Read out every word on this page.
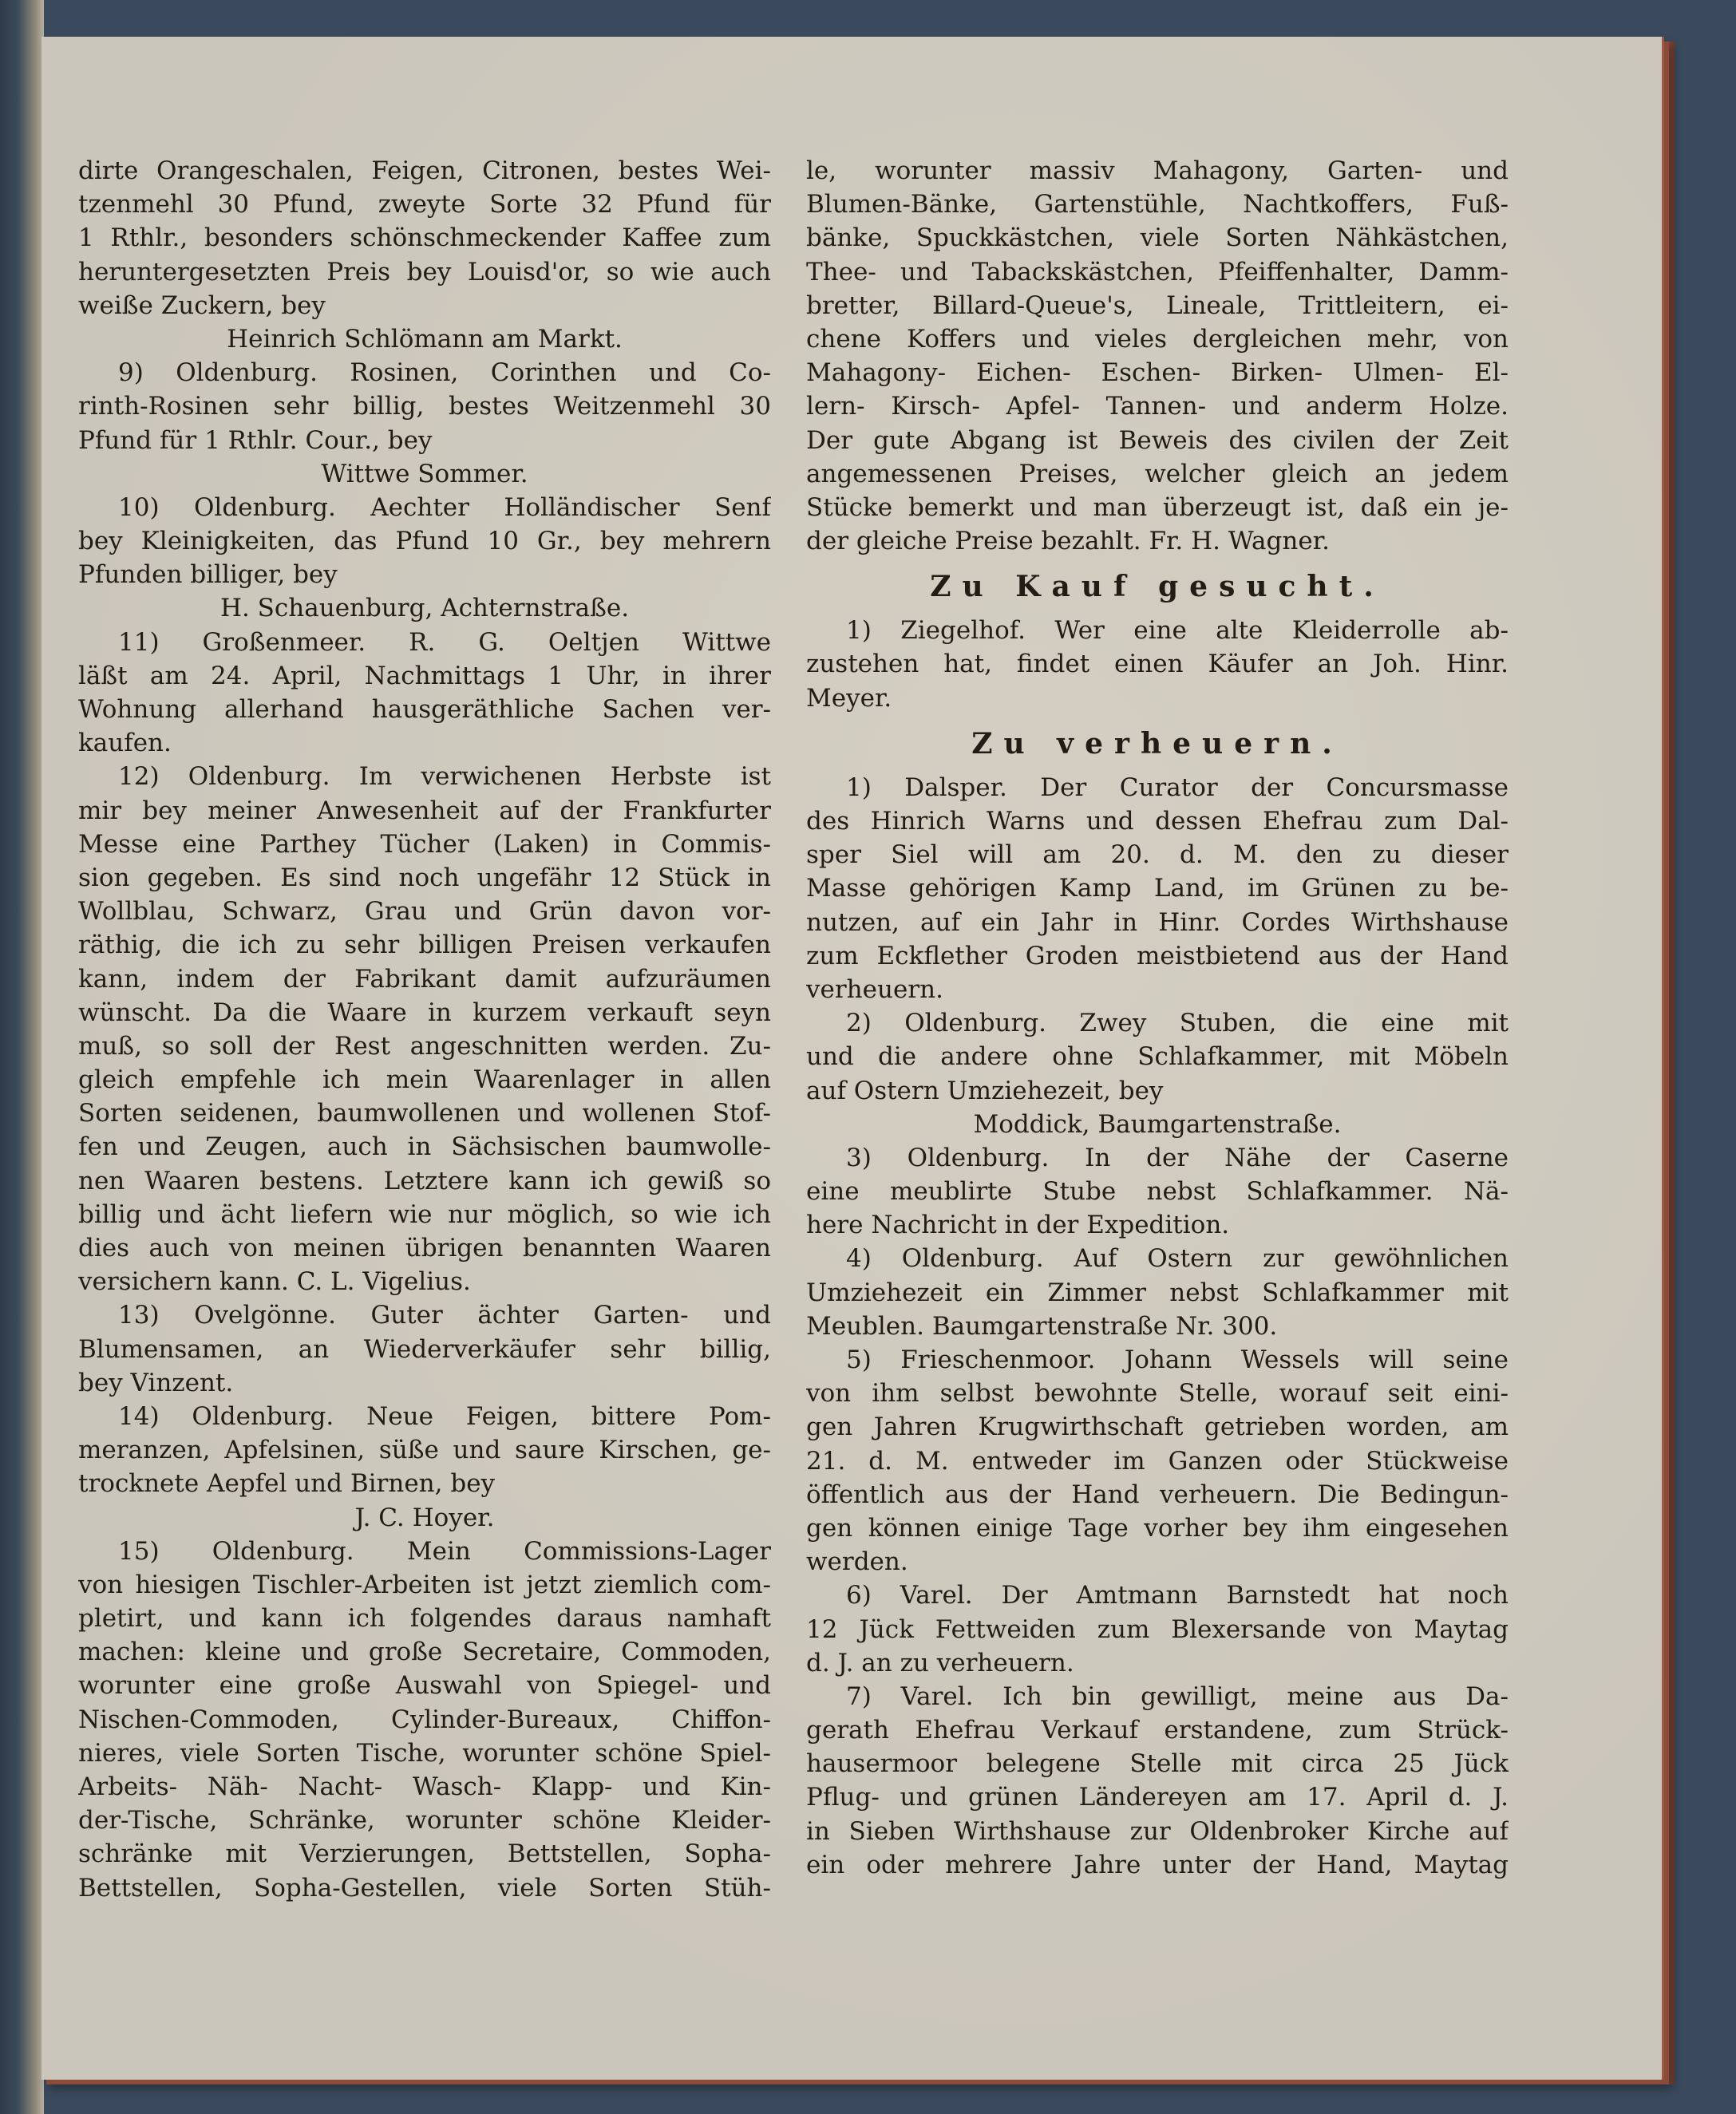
dirte Orangeschalen, Feigen, Citronen, bestes Wei-
tzenmehl 30 Pfund, zweyte Sorte 32 Pfund für
1 Rthlr., besonders schönschmeckender Kaffee zum
heruntergesetzten Preis bey Louisd'or, so wie auch
weiße Zuckern, bey
Heinrich Schlömann am Markt.
9) Oldenburg. Rosinen, Corinthen und Co-
rinth-Rosinen sehr billig, bestes Weitzenmehl 30
Pfund für 1 Rthlr. Cour., bey
Wittwe Sommer.
10) Oldenburg. Aechter Holländischer Senf
bey Kleinigkeiten, das Pfund 10 Gr., bey mehrern
Pfunden billiger, bey
H. Schauenburg, Achternstraße.
11) Großenmeer. R. G. Oeltjen Wittwe
läßt am 24. April, Nachmittags 1 Uhr, in ihrer
Wohnung allerhand hausgeräthliche Sachen ver-
kaufen.
12) Oldenburg. Im verwichenen Herbste ist
mir bey meiner Anwesenheit auf der Frankfurter
Messe eine Parthey Tücher (Laken) in Commis-
sion gegeben. Es sind noch ungefähr 12 Stück in
Wollblau, Schwarz, Grau und Grün davon vor-
räthig, die ich zu sehr billigen Preisen verkaufen
kann, indem der Fabrikant damit aufzuräumen
wünscht. Da die Waare in kurzem verkauft seyn
muß, so soll der Rest angeschnitten werden. Zu-
gleich empfehle ich mein Waarenlager in allen
Sorten seidenen, baumwollenen und wollenen Stof-
fen und Zeugen, auch in Sächsischen baumwolle-
nen Waaren bestens. Letztere kann ich gewiß so
billig und ächt liefern wie nur möglich, so wie ich
dies auch von meinen übrigen benannten Waaren
versichern kann. C. L. Vigelius.
13) Ovelgönne. Guter ächter Garten- und
Blumensamen, an Wiederverkäufer sehr billig,
bey Vinzent.
14) Oldenburg. Neue Feigen, bittere Pom-
meranzen, Apfelsinen, süße und saure Kirschen, ge-
trocknete Aepfel und Birnen, bey
J. C. Hoyer.
15) Oldenburg. Mein Commissions-Lager
von hiesigen Tischler-Arbeiten ist jetzt ziemlich com-
pletirt, und kann ich folgendes daraus namhaft
machen: kleine und große Secretaire, Commoden,
worunter eine große Auswahl von Spiegel- und
Nischen-Commoden, Cylinder-Bureaux, Chiffon-
nieres, viele Sorten Tische, worunter schöne Spiel-
Arbeits- Näh- Nacht- Wasch- Klapp- und Kin-
der-Tische, Schränke, worunter schöne Kleider-
schränke mit Verzierungen, Bettstellen, Sopha-
Bettstellen, Sopha-Gestellen, viele Sorten Stüh-
le, worunter massiv Mahagony, Garten- und
Blumen-Bänke, Gartenstühle, Nachtkoffers, Fuß-
bänke, Spuckkästchen, viele Sorten Nähkästchen,
Thee- und Tabackskästchen, Pfeiffenhalter, Damm-
bretter, Billard-Queue's, Lineale, Trittleitern, ei-
chene Koffers und vieles dergleichen mehr, von
Mahagony- Eichen- Eschen- Birken- Ulmen- El-
lern- Kirsch- Apfel- Tannen- und anderm Holze.
Der gute Abgang ist Beweis des civilen der Zeit
angemessenen Preises, welcher gleich an jedem
Stücke bemerkt und man überzeugt ist, daß ein je-
der gleiche Preise bezahlt. Fr. H. Wagner.
Zu Kauf gesucht.
1) Ziegelhof. Wer eine alte Kleiderrolle ab-
zustehen hat, findet einen Käufer an Joh. Hinr.
Meyer.
Zu verheuern.
1) Dalsper. Der Curator der Concursmasse
des Hinrich Warns und dessen Ehefrau zum Dal-
sper Siel will am 20. d. M. den zu dieser
Masse gehörigen Kamp Land, im Grünen zu be-
nutzen, auf ein Jahr in Hinr. Cordes Wirthshause
zum Eckflether Groden meistbietend aus der Hand
verheuern.
2) Oldenburg. Zwey Stuben, die eine mit
und die andere ohne Schlafkammer, mit Möbeln
auf Ostern Umziehezeit, bey
Moddick, Baumgartenstraße.
3) Oldenburg. In der Nähe der Caserne
eine meublirte Stube nebst Schlafkammer. Nä-
here Nachricht in der Expedition.
4) Oldenburg. Auf Ostern zur gewöhnlichen
Umziehezeit ein Zimmer nebst Schlafkammer mit
Meublen. Baumgartenstraße Nr. 300.
5) Frieschenmoor. Johann Wessels will seine
von ihm selbst bewohnte Stelle, worauf seit eini-
gen Jahren Krugwirthschaft getrieben worden, am
21. d. M. entweder im Ganzen oder Stückweise
öffentlich aus der Hand verheuern. Die Bedingun-
gen können einige Tage vorher bey ihm eingesehen
werden.
6) Varel. Der Amtmann Barnstedt hat noch
12 Jück Fettweiden zum Blexersande von Maytag
d. J. an zu verheuern.
7) Varel. Ich bin gewilligt, meine aus Da-
gerath Ehefrau Verkauf erstandene, zum Strück-
hausermoor belegene Stelle mit circa 25 Jück
Pflug- und grünen Ländereyen am 17. April d. J.
in Sieben Wirthshause zur Oldenbroker Kirche auf
ein oder mehrere Jahre unter der Hand, Maytag
